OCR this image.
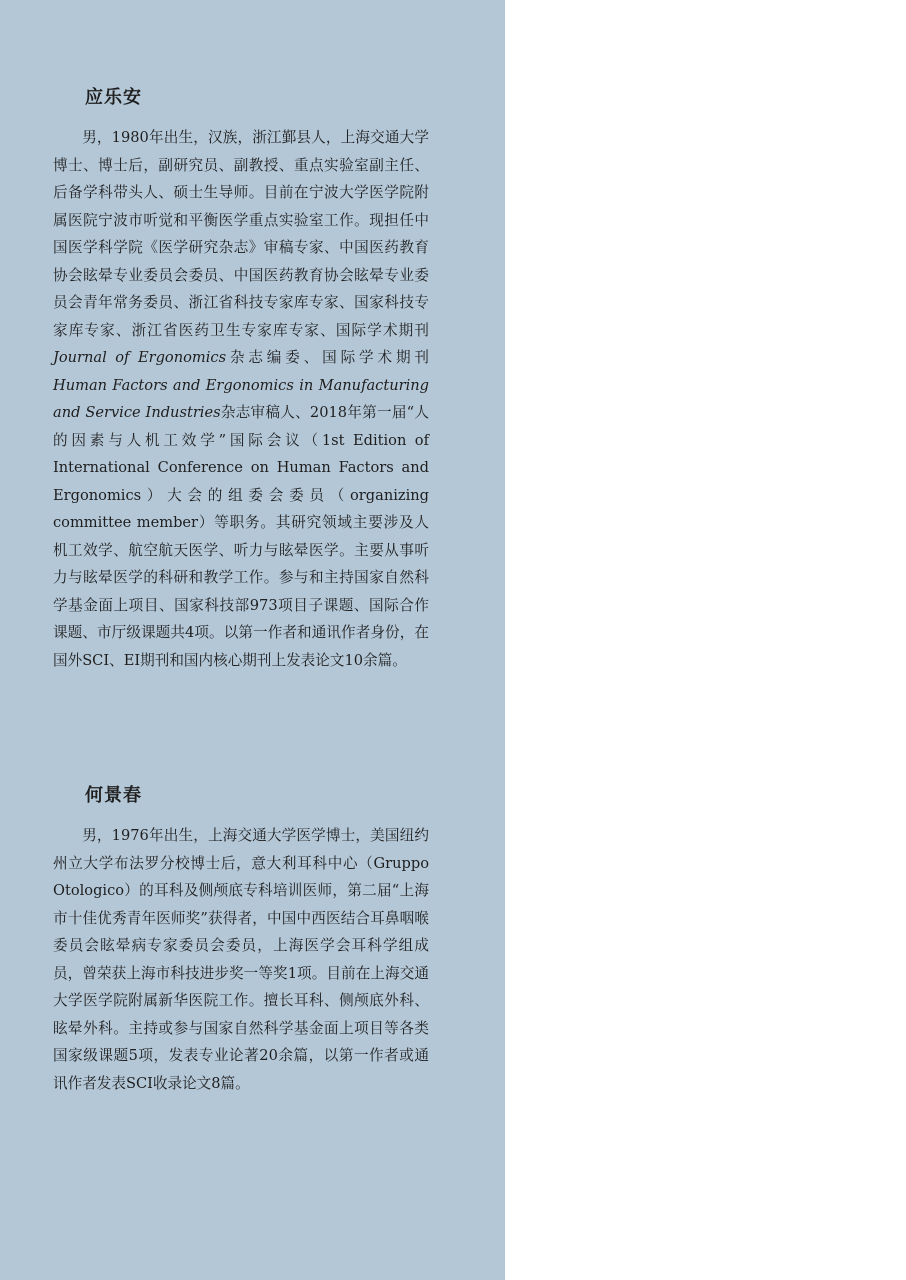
应乐安

男，1980年出生，汉族，浙江鄞县人，上海交通大学博士、博士后，副研究员、副教授、重点实验室副主任、后备学科带头人、硕士生导师。目前在宁波大学医学院附属医院宁波市听觉和平衡医学重点实验室工作。现担任中国医学科学院《医学研究杂志》审稿专家、中国医药教育协会眩晕专业委员会委员、中国医药教育协会眩晕专业委员会青年常务委员、浙江省科技专家库专家、国家科技专家库专家、浙江省医药卫生专家库专家、国际学术期刊Journal of Ergonomics杂志编委、国际学术期刊Human Factors and Ergonomics in Manufacturing and Service Industries杂志审稿人、2018年第一届“人的因素与人机工效学”国际会议（1st Edition of International Conference on Human Factors and Ergonomics）大会的组委会委员（organizing committee member）等职务。其研究领域主要涉及人机工效学、航空航天医学、听力与眩晕医学。主要从事听力与眩晕医学的科研和教学工作。参与和主持国家自然科学基金面上项目、国家科技部973项目子课题、国际合作课题、市厅级课题共4项。以第一作者和通讯作者身份，在国外SCI、EI期刊和国内核心期刊上发表论文10余篇。

何景春

男，1976年出生，上海交通大学医学博士，美国纽约州立大学布法罗分校博士后，意大利耳科中心（Gruppo Otologico）的耳科及侧颅底专科培训医师，第二届“上海市十佳优秀青年医师奖”获得者，中国中西医结合耳鼻咽喉委员会眩晕病专家委员会委员，上海医学会耳科学组成员，曾荣获上海市科技进步奖一等奖1项。目前在上海交通大学医学院附属新华医院工作。擅长耳科、侧颅底外科、眩晕外科。主持或参与国家自然科学基金面上项目等各类国家级课题5项，发表专业论著20余篇，以第一作者或通讯作者发表SCI收录论文8篇。
